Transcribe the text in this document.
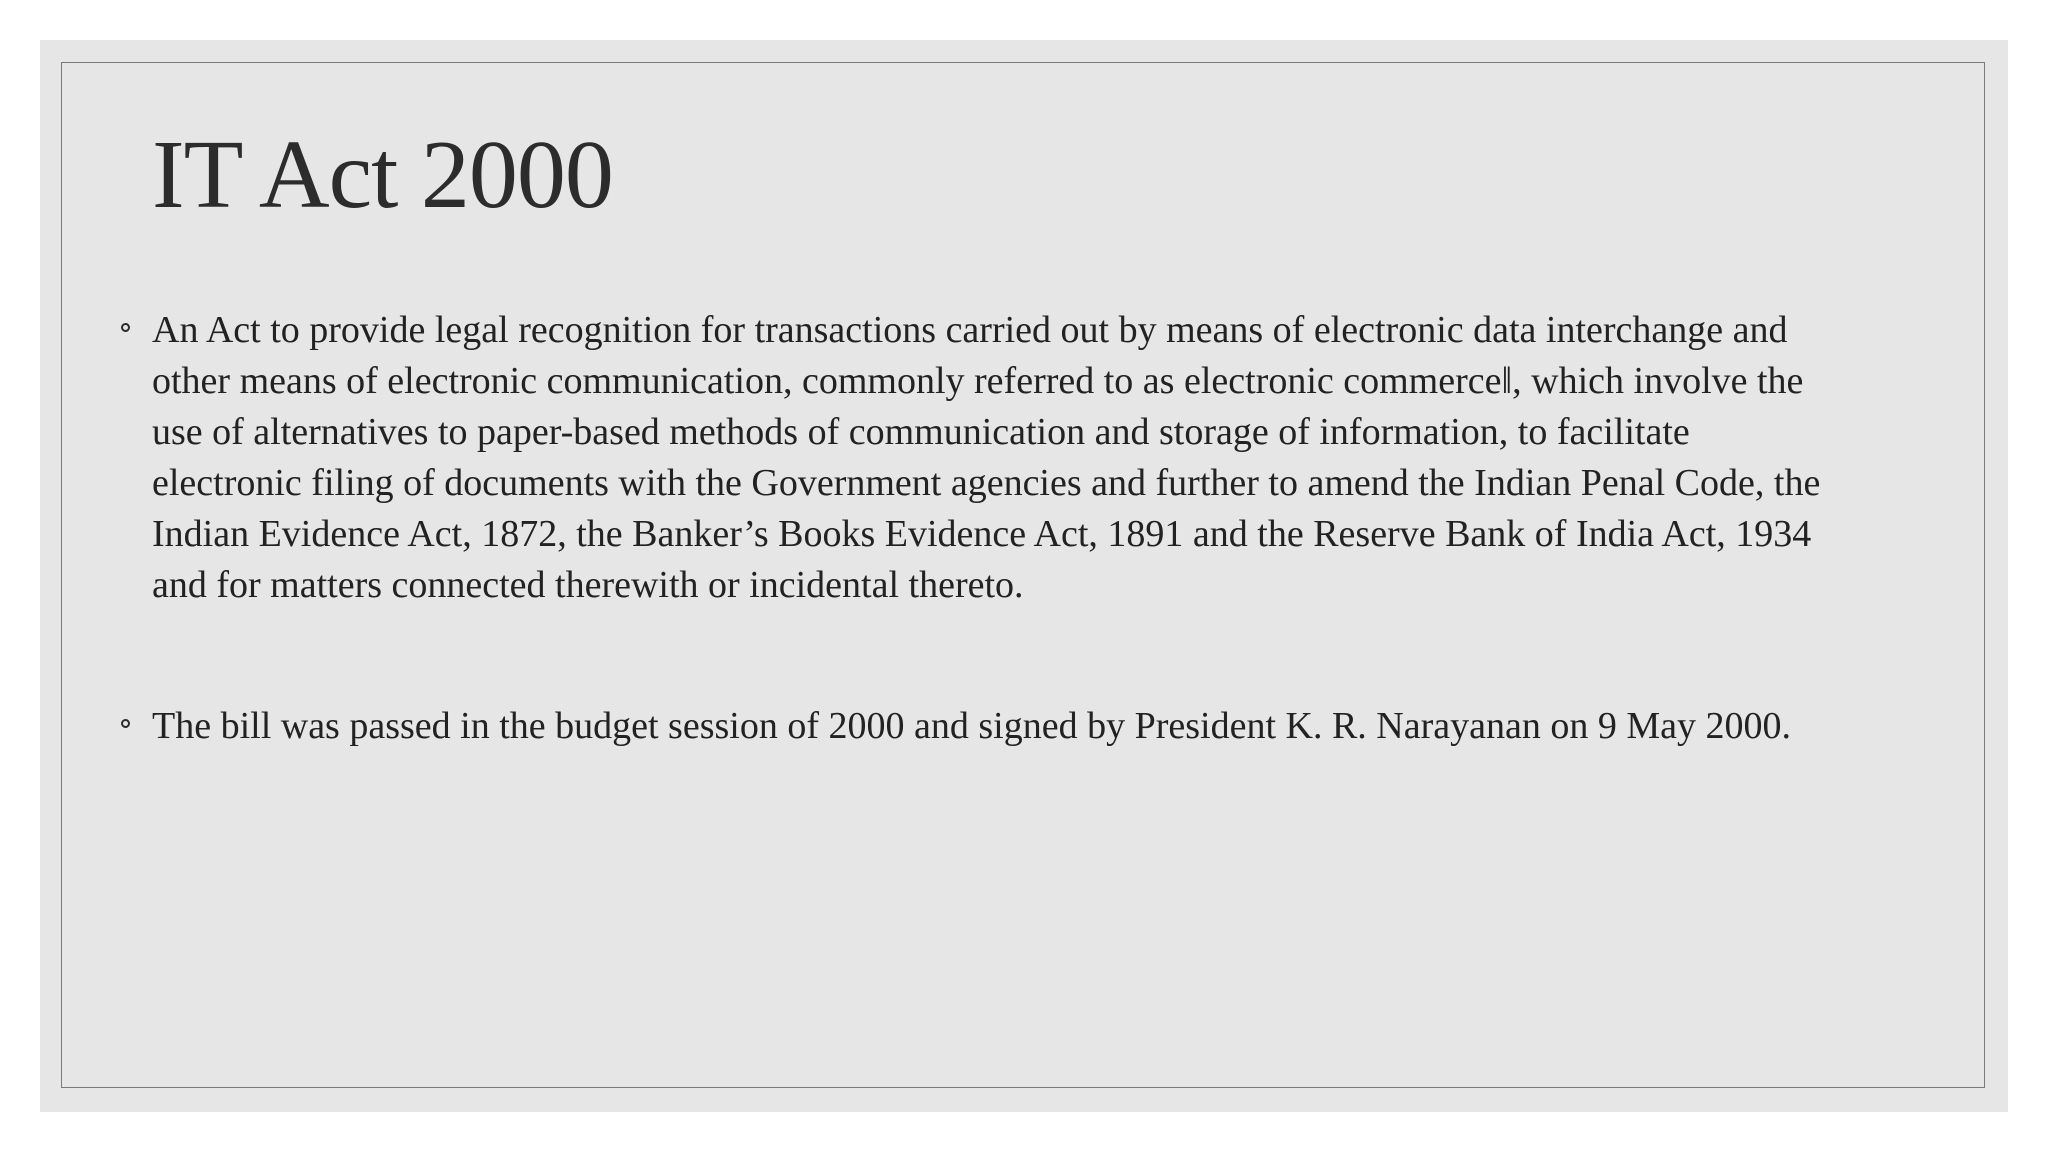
IT Act 2000
An Act to provide legal recognition for transactions carried out by means of electronic data interchange and other means of electronic communication, commonly referred to as electronic commerce‖, which involve the use of alternatives to paper-based methods of communication and storage of information, to facilitate electronic filing of documents with the Government agencies and further to amend the Indian Penal Code, the Indian Evidence Act, 1872, the Banker’s Books Evidence Act, 1891 and the Reserve Bank of India Act, 1934 and for matters connected therewith or incidental thereto.
The bill was passed in the budget session of 2000 and signed by President K. R. Narayanan on 9 May 2000.
